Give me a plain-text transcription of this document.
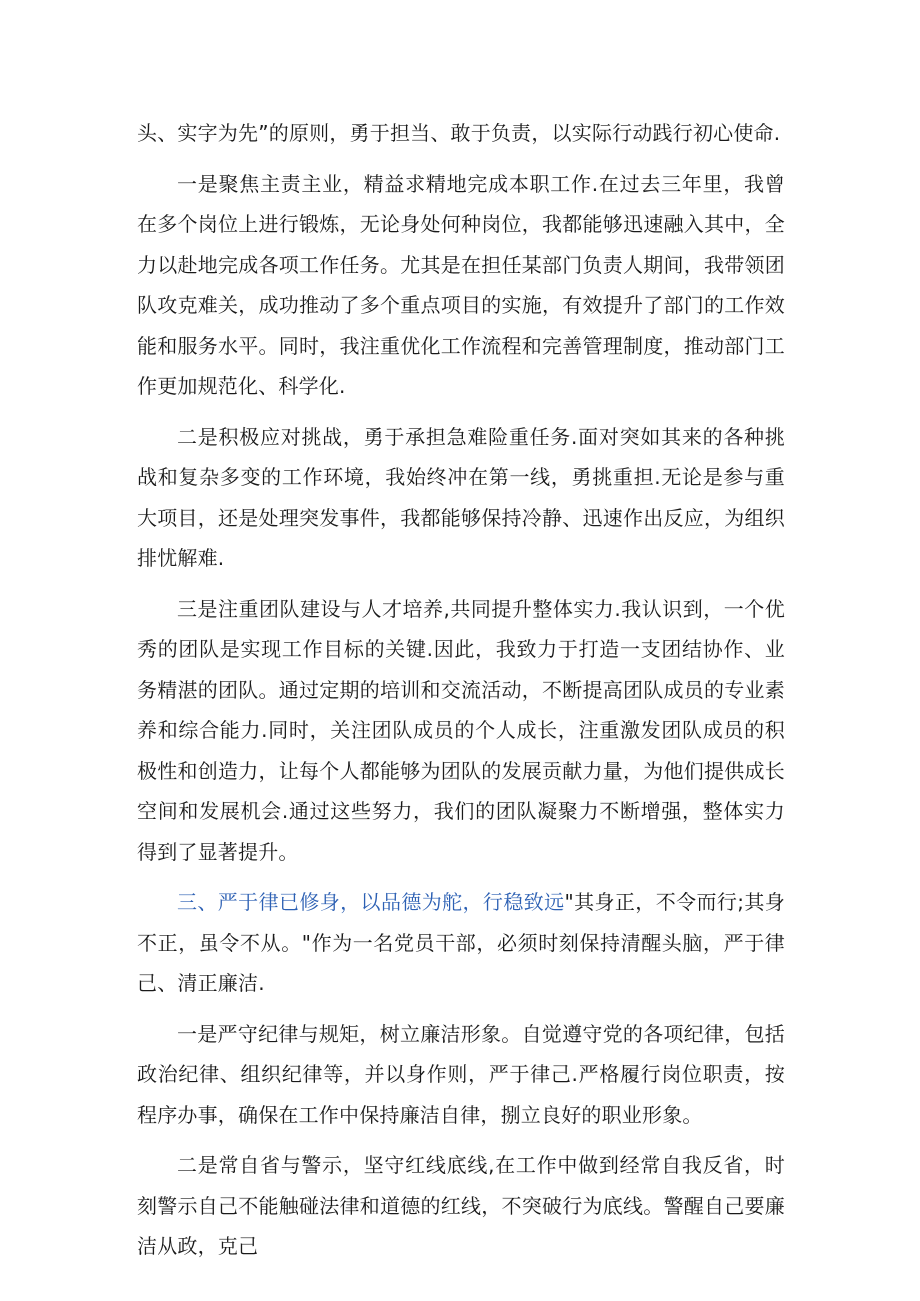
头、实字为先”的原则，勇于担当、敢于负责，以实际行动践行初心使命.

一是聚焦主责主业，精益求精地完成本职工作.在过去三年里，我曾在多个岗位上进行锻炼，无论身处何种岗位，我都能够迅速融入其中，全力以赴地完成各项工作任务。尤其是在担任某部门负责人期间，我带领团队攻克难关，成功推动了多个重点项目的实施，有效提升了部门的工作效能和服务水平。同时，我注重优化工作流程和完善管理制度，推动部门工作更加规范化、科学化.

二是积极应对挑战，勇于承担急难险重任务.面对突如其来的各种挑战和复杂多变的工作环境，我始终冲在第一线，勇挑重担.无论是参与重大项目，还是处理突发事件，我都能够保持冷静、迅速作出反应，为组织排忧解难.

三是注重团队建设与人才培养,共同提升整体实力.我认识到，一个优秀的团队是实现工作目标的关键.因此，我致力于打造一支团结协作、业务精湛的团队。通过定期的培训和交流活动，不断提高团队成员的专业素养和综合能力.同时，关注团队成员的个人成长，注重激发团队成员的积极性和创造力，让每个人都能够为团队的发展贡献力量，为他们提供成长空间和发展机会.通过这些努力，我们的团队凝聚力不断增强，整体实力得到了显著提升。

三、严于律已修身，以品德为舵，行稳致远"其身正，不令而行;其身不正，虽令不从。"作为一名党员干部，必须时刻保持清醒头脑，严于律己、清正廉洁.

一是严守纪律与规矩，树立廉洁形象。自觉遵守党的各项纪律，包括政治纪律、组织纪律等，并以身作则，严于律己.严格履行岗位职责，按程序办事，确保在工作中保持廉洁自律，捌立良好的职业形象。

二是常自省与警示，坚守红线底线,在工作中做到经常自我反省，时刻警示自己不能触碰法律和道德的红线，不突破行为底线。警醒自己要廉洁从政，克己
